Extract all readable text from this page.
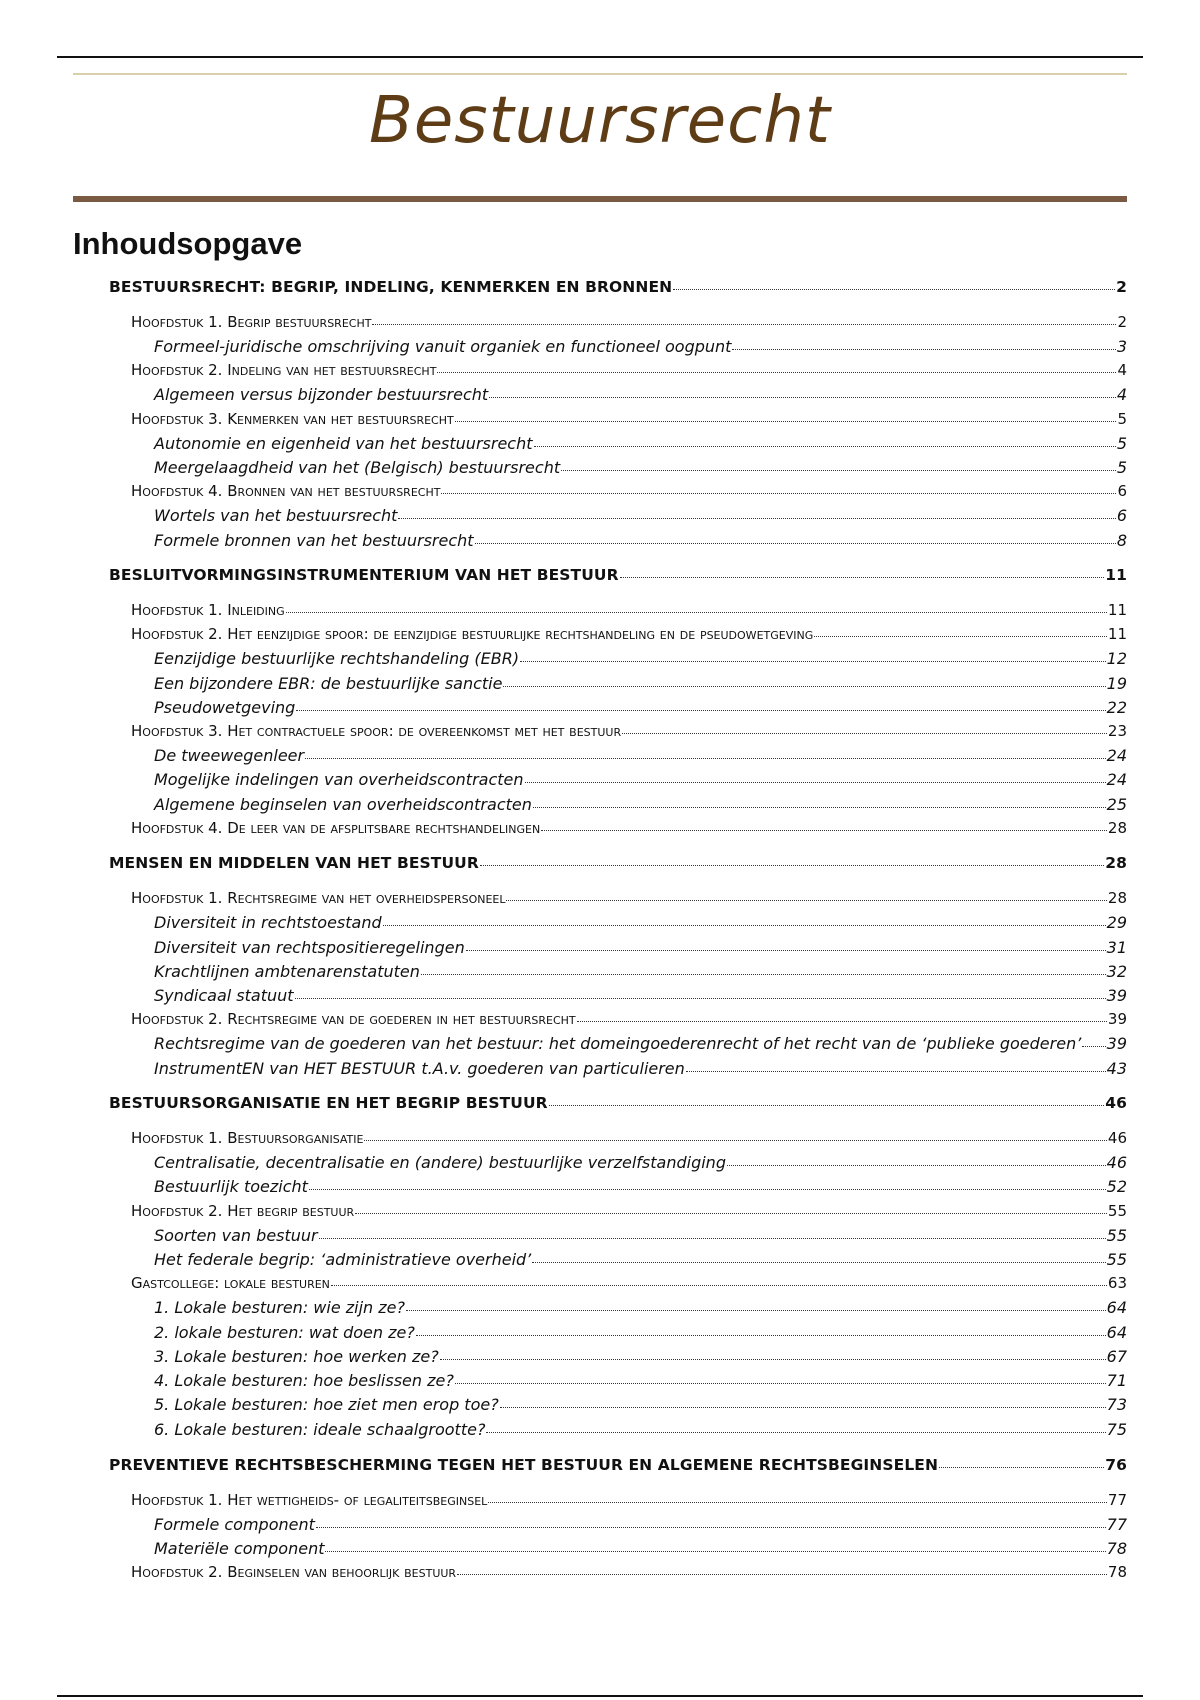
Bestuursrecht
Inhoudsopgave
BESTUURSRECHT: BEGRIP, INDELING, KENMERKEN EN BRONNEN	2
Hoofdstuk 1. Begrip bestuursrecht	2
Formeel-juridische omschrijving vanuit organiek en functioneel oogpunt	3
Hoofdstuk 2. Indeling van het bestuursrecht	4
Algemeen versus bijzonder bestuursrecht	4
Hoofdstuk 3. Kenmerken van het bestuursrecht	5
Autonomie en eigenheid van het bestuursrecht	5
Meergelaagdheid van het (Belgisch) bestuursrecht	5
Hoofdstuk 4. Bronnen van het bestuursrecht	6
Wortels van het bestuursrecht	6
Formele bronnen van het bestuursrecht	8
BESLUITVORMINGSINSTRUMENTERIUM VAN HET BESTUUR	11
Hoofdstuk 1. Inleiding	11
Hoofdstuk 2. Het eenzijdige spoor: de eenzijdige bestuurlijke rechtshandeling en de pseudowetgeving	11
Eenzijdige bestuurlijke rechtshandeling (EBR)	12
Een bijzondere EBR: de bestuurlijke sanctie	19
Pseudowetgeving	22
Hoofdstuk 3. Het contractuele spoor: de overeenkomst met het bestuur	23
De tweewegenleer	24
Mogelijke indelingen van overheidscontracten	24
Algemene beginselen van overheidscontracten	25
Hoofdstuk 4. De leer van de afsplitsbare rechtshandelingen	28
MENSEN EN MIDDELEN VAN HET BESTUUR	28
Hoofdstuk 1. Rechtsregime van het overheidspersoneel	28
Diversiteit in rechtstoestand	29
Diversiteit van rechtspositieregelingen	31
Krachtlijnen ambtenarenstatuten	32
Syndicaal statuut	39
Hoofdstuk 2. Rechtsregime van de goederen in het bestuursrecht	39
Rechtsregime van de goederen van het bestuur: het domeingoederenrecht of het recht van de ‘publieke goederen’ 39
InstrumentEN van HET BESTUUR t.A.v. goederen van particulieren	43
BESTUURSORGANISATIE EN HET BEGRIP BESTUUR	46
Hoofdstuk 1. Bestuursorganisatie	46
Centralisatie, decentralisatie en (andere) bestuurlijke verzelfstandiging	46
Bestuurlijk toezicht	52
Hoofdstuk 2. Het begrip bestuur	55
Soorten van bestuur	55
Het federale begrip: ‘administratieve overheid’	55
Gastcollege: lokale besturen	63
1. Lokale besturen: wie zijn ze?	64
2. lokale besturen: wat doen ze?	64
3. Lokale besturen: hoe werken ze?	67
4. Lokale besturen: hoe beslissen ze?	71
5. Lokale besturen: hoe ziet men erop toe?	73
6. Lokale besturen: ideale schaalgrootte?	75
PREVENTIEVE RECHTSBESCHERMING TEGEN HET BESTUUR EN ALGEMENE RECHTSBEGINSELEN	76
Hoofdstuk 1. Het wettigheids- of legaliteitsbeginsel	77
Formele component	77
Materiële component	78
Hoofdstuk 2. Beginselen van behoorlijk bestuur	78
